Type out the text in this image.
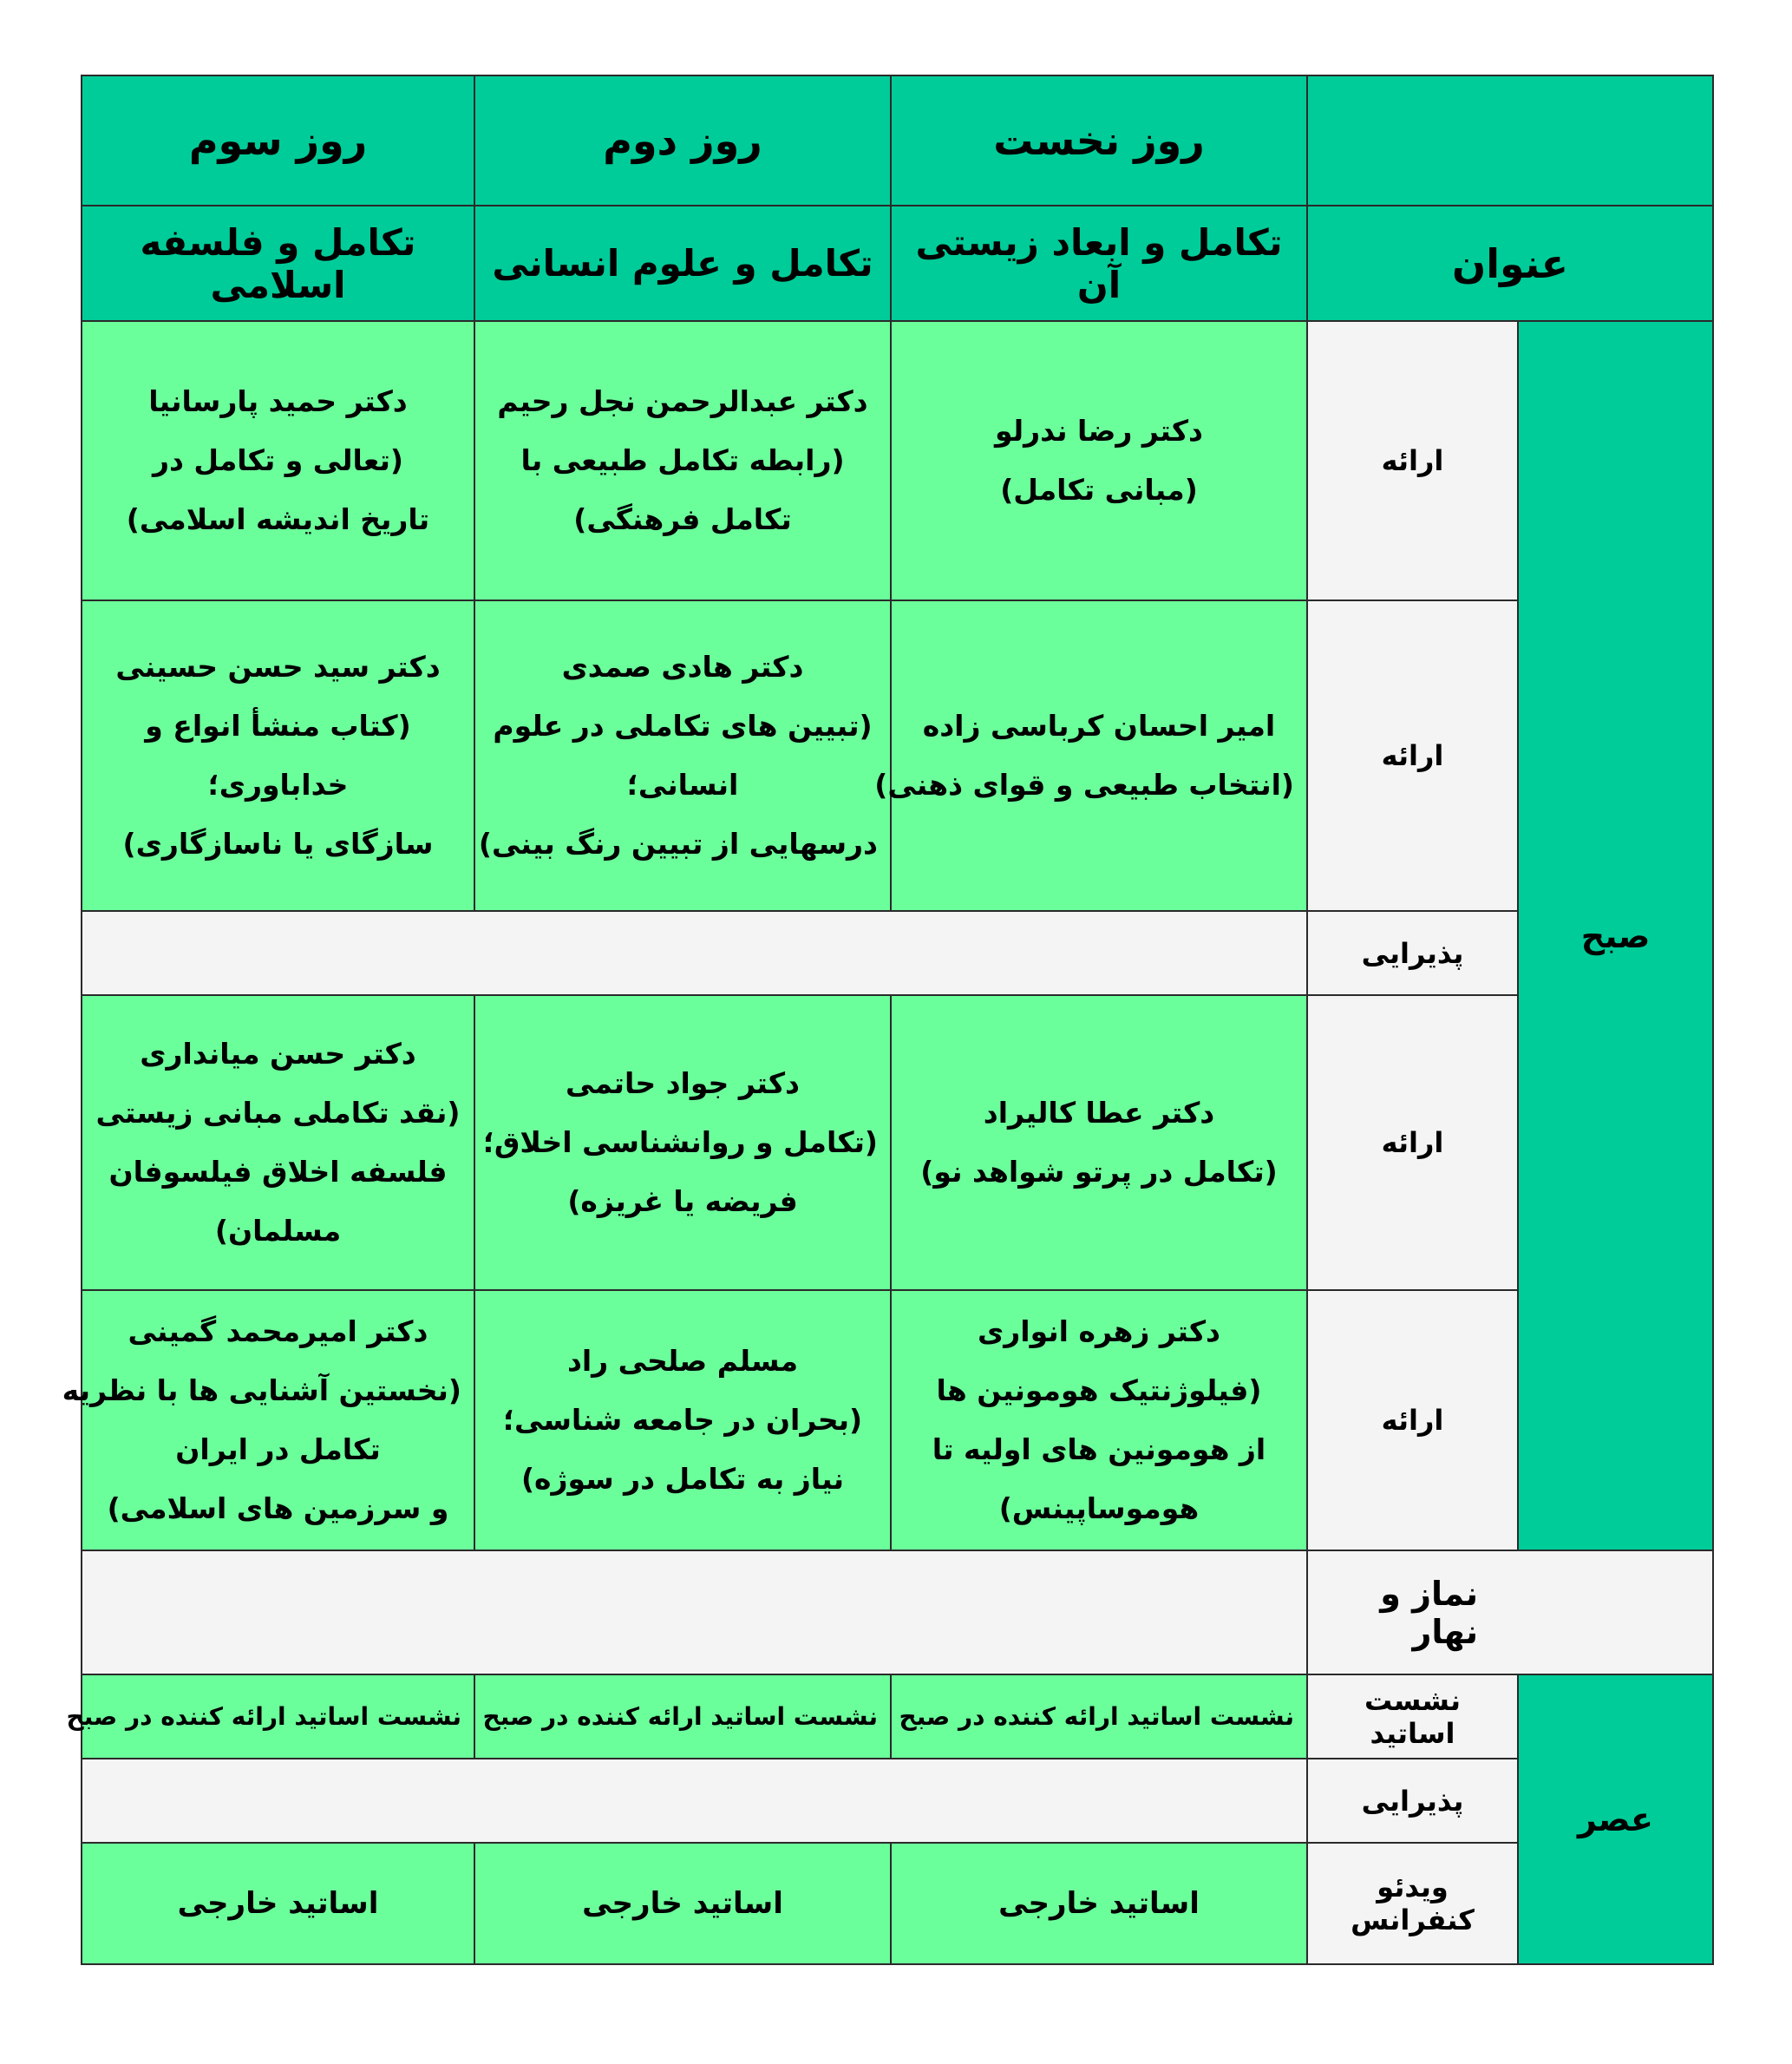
روز سوم	روز دوم	روز نخست		
تکامل و فلسفه اسلامی	تکامل و علوم انسانی	تکامل و ابعاد زیستی آن	عنوان	

دکتر حمید پارسانیا
(تعالی و تکامل در
تاریخ اندیشه اسلامی)	دکتر عبدالرحمن نجل رحیم
(رابطه تکامل طبیعی با
تکامل فرهنگی)	دکتر رضا ندرلو
(مبانی تکامل)	ارائه	صبح

دکتر سید حسن حسینی
(کتاب منشأ انواع و
خداباوری؛
سازگای یا ناسازگاری)	دکتر هادی صمدی
(تبیین های تکاملی در علوم
انسانی؛
درسهایی از تبیین رنگ بینی)	امیر احسان کرباسی زاده
(انتخاب طبیعی و قوای ذهنی)	ارائه	
			پذیرایی	

دکتر حسن میانداری
(نقد تکاملی مبانی زیستی
فلسفه اخلاق فیلسوفان
مسلمان)	دکتر جواد حاتمی
(تکامل و روانشناسی اخلاق؛
فریضه یا غریزه)	دکتر عطا کالیراد
(تکامل در پرتو شواهد نو)	ارائه	

دکتر امیرمحمد گمینی
(نخستین آشنایی ها با نظریه
تکامل در ایران
و سرزمین های اسلامی)	مسلم صلحی راد
(بحران در جامعه شناسی؛
نیاز به تکامل در سوژه)	دکتر زهره انواری
(فیلوژنتیک هومونین ها
از هومونین های اولیه تا
هوموساپینس)	ارائه	
			نماز و نهار	
نشست اساتید ارائه کننده در صبح	نشست اساتید ارائه کننده در صبح	نشست اساتید ارائه کننده در صبح	نشست اساتید	عصر
			پذیرایی	
اساتید خارجی	اساتید خارجی	اساتید خارجی	ویدئو کنفرانس	
